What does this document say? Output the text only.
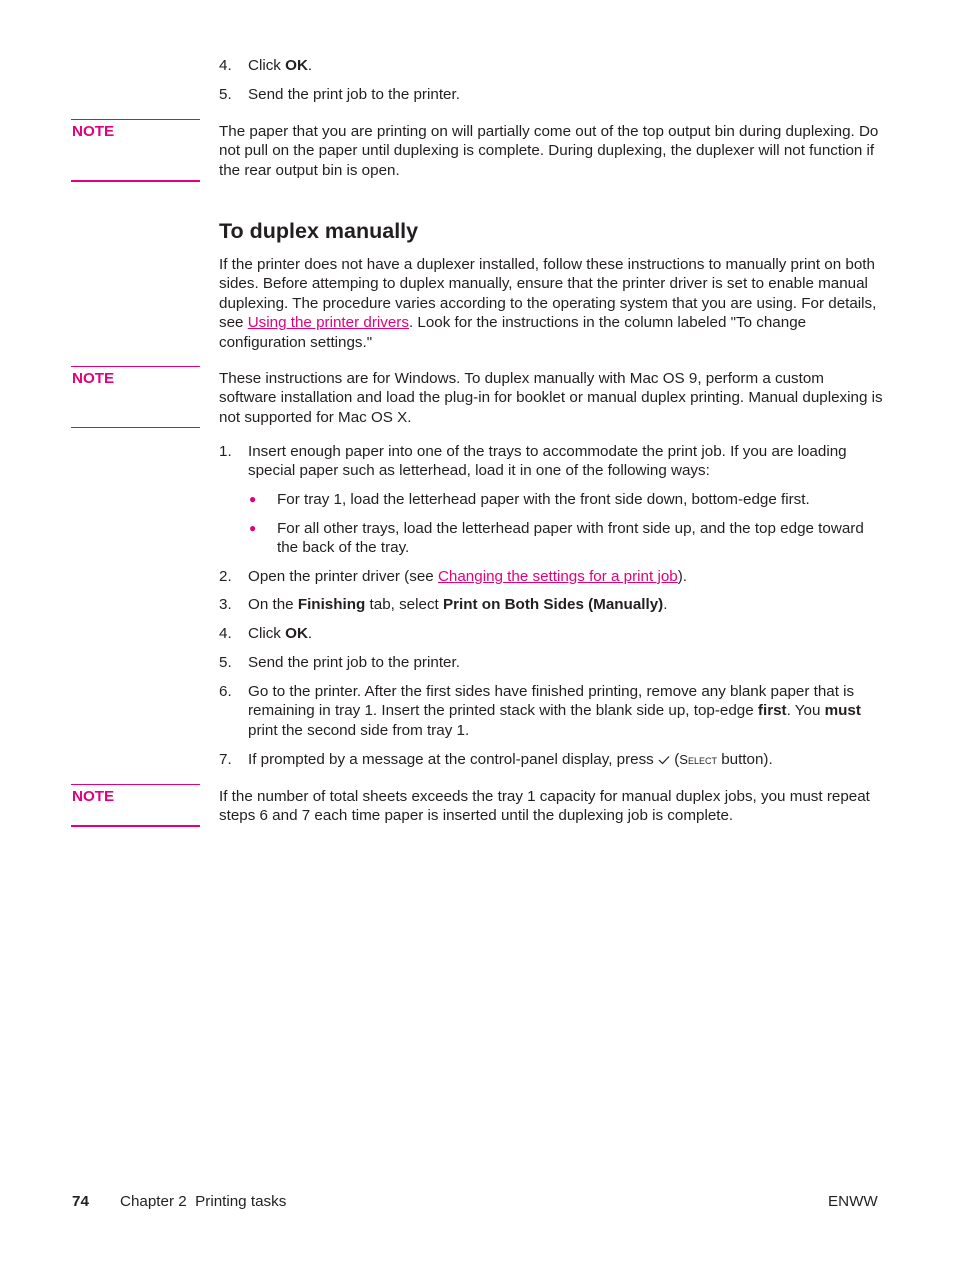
4. Click OK.
5. Send the print job to the printer.
NOTE	The paper that you are printing on will partially come out of the top output bin during duplexing. Do not pull on the paper until duplexing is complete. During duplexing, the duplexer will not function if the rear output bin is open.
To duplex manually
If the printer does not have a duplexer installed, follow these instructions to manually print on both sides. Before attemping to duplex manually, ensure that the printer driver is set to enable manual duplexing. The procedure varies according to the operating system that you are using. For details, see Using the printer drivers. Look for the instructions in the column labeled "To change configuration settings."
NOTE	These instructions are for Windows. To duplex manually with Mac OS 9, perform a custom software installation and load the plug-in for booklet or manual duplex printing. Manual duplexing is not supported for Mac OS X.
1. Insert enough paper into one of the trays to accommodate the print job. If you are loading special paper such as letterhead, load it in one of the following ways:
● For tray 1, load the letterhead paper with the front side down, bottom-edge first.
● For all other trays, load the letterhead paper with front side up, and the top edge toward the back of the tray.
2. Open the printer driver (see Changing the settings for a print job).
3. On the Finishing tab, select Print on Both Sides (Manually).
4. Click OK.
5. Send the print job to the printer.
6. Go to the printer. After the first sides have finished printing, remove any blank paper that is remaining in tray 1. Insert the printed stack with the blank side up, top-edge first. You must print the second side from tray 1.
7. If prompted by a message at the control-panel display, press  (Select button).
NOTE	If the number of total sheets exceeds the tray 1 capacity for manual duplex jobs, you must repeat steps 6 and 7 each time paper is inserted until the duplexing job is complete.
74 Chapter 2  Printing tasks	ENWW
